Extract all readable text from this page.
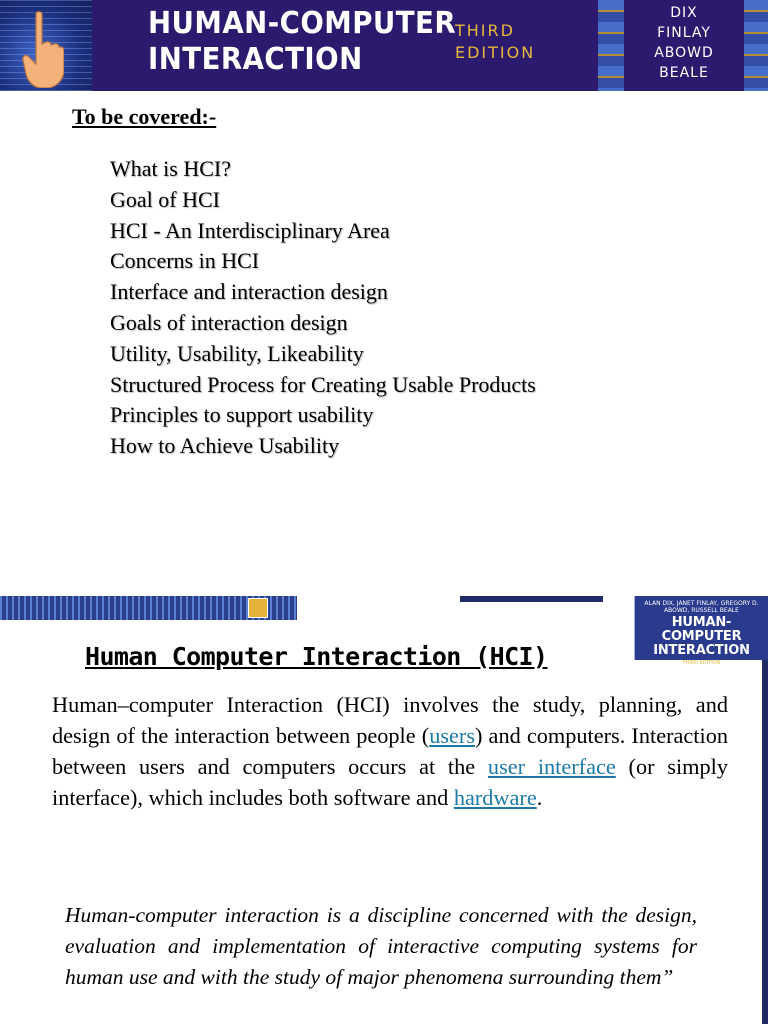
HUMAN-COMPUTER
INTERACTION
THIRD
EDITION
DIX
FINLAY
ABOWD
BEALE
To be covered:-
What is HCI?
Goal of HCI
HCI - An Interdisciplinary Area
Concerns in HCI
Interface and interaction design
Goals of interaction design
Utility, Usability, Likeability
Structured Process for Creating Usable Products
Principles to support usability
How to Achieve Usability
ALAN DIX, JANET FINLAY, GREGORY D. ABOWD, RUSSELL BEALE
HUMAN-COMPUTER
INTERACTION
THIRD EDITION
Human Computer Interaction (HCI)
Human–computer Interaction (HCI) involves the study, planning, and design of the interaction between people (users) and computers. Interaction between users and computers occurs at the user interface (or simply interface), which includes both software and hardware.
Human-computer interaction is a discipline concerned with the design, evaluation and implementation of interactive computing systems for human use and with the study of major phenomena surrounding them”
